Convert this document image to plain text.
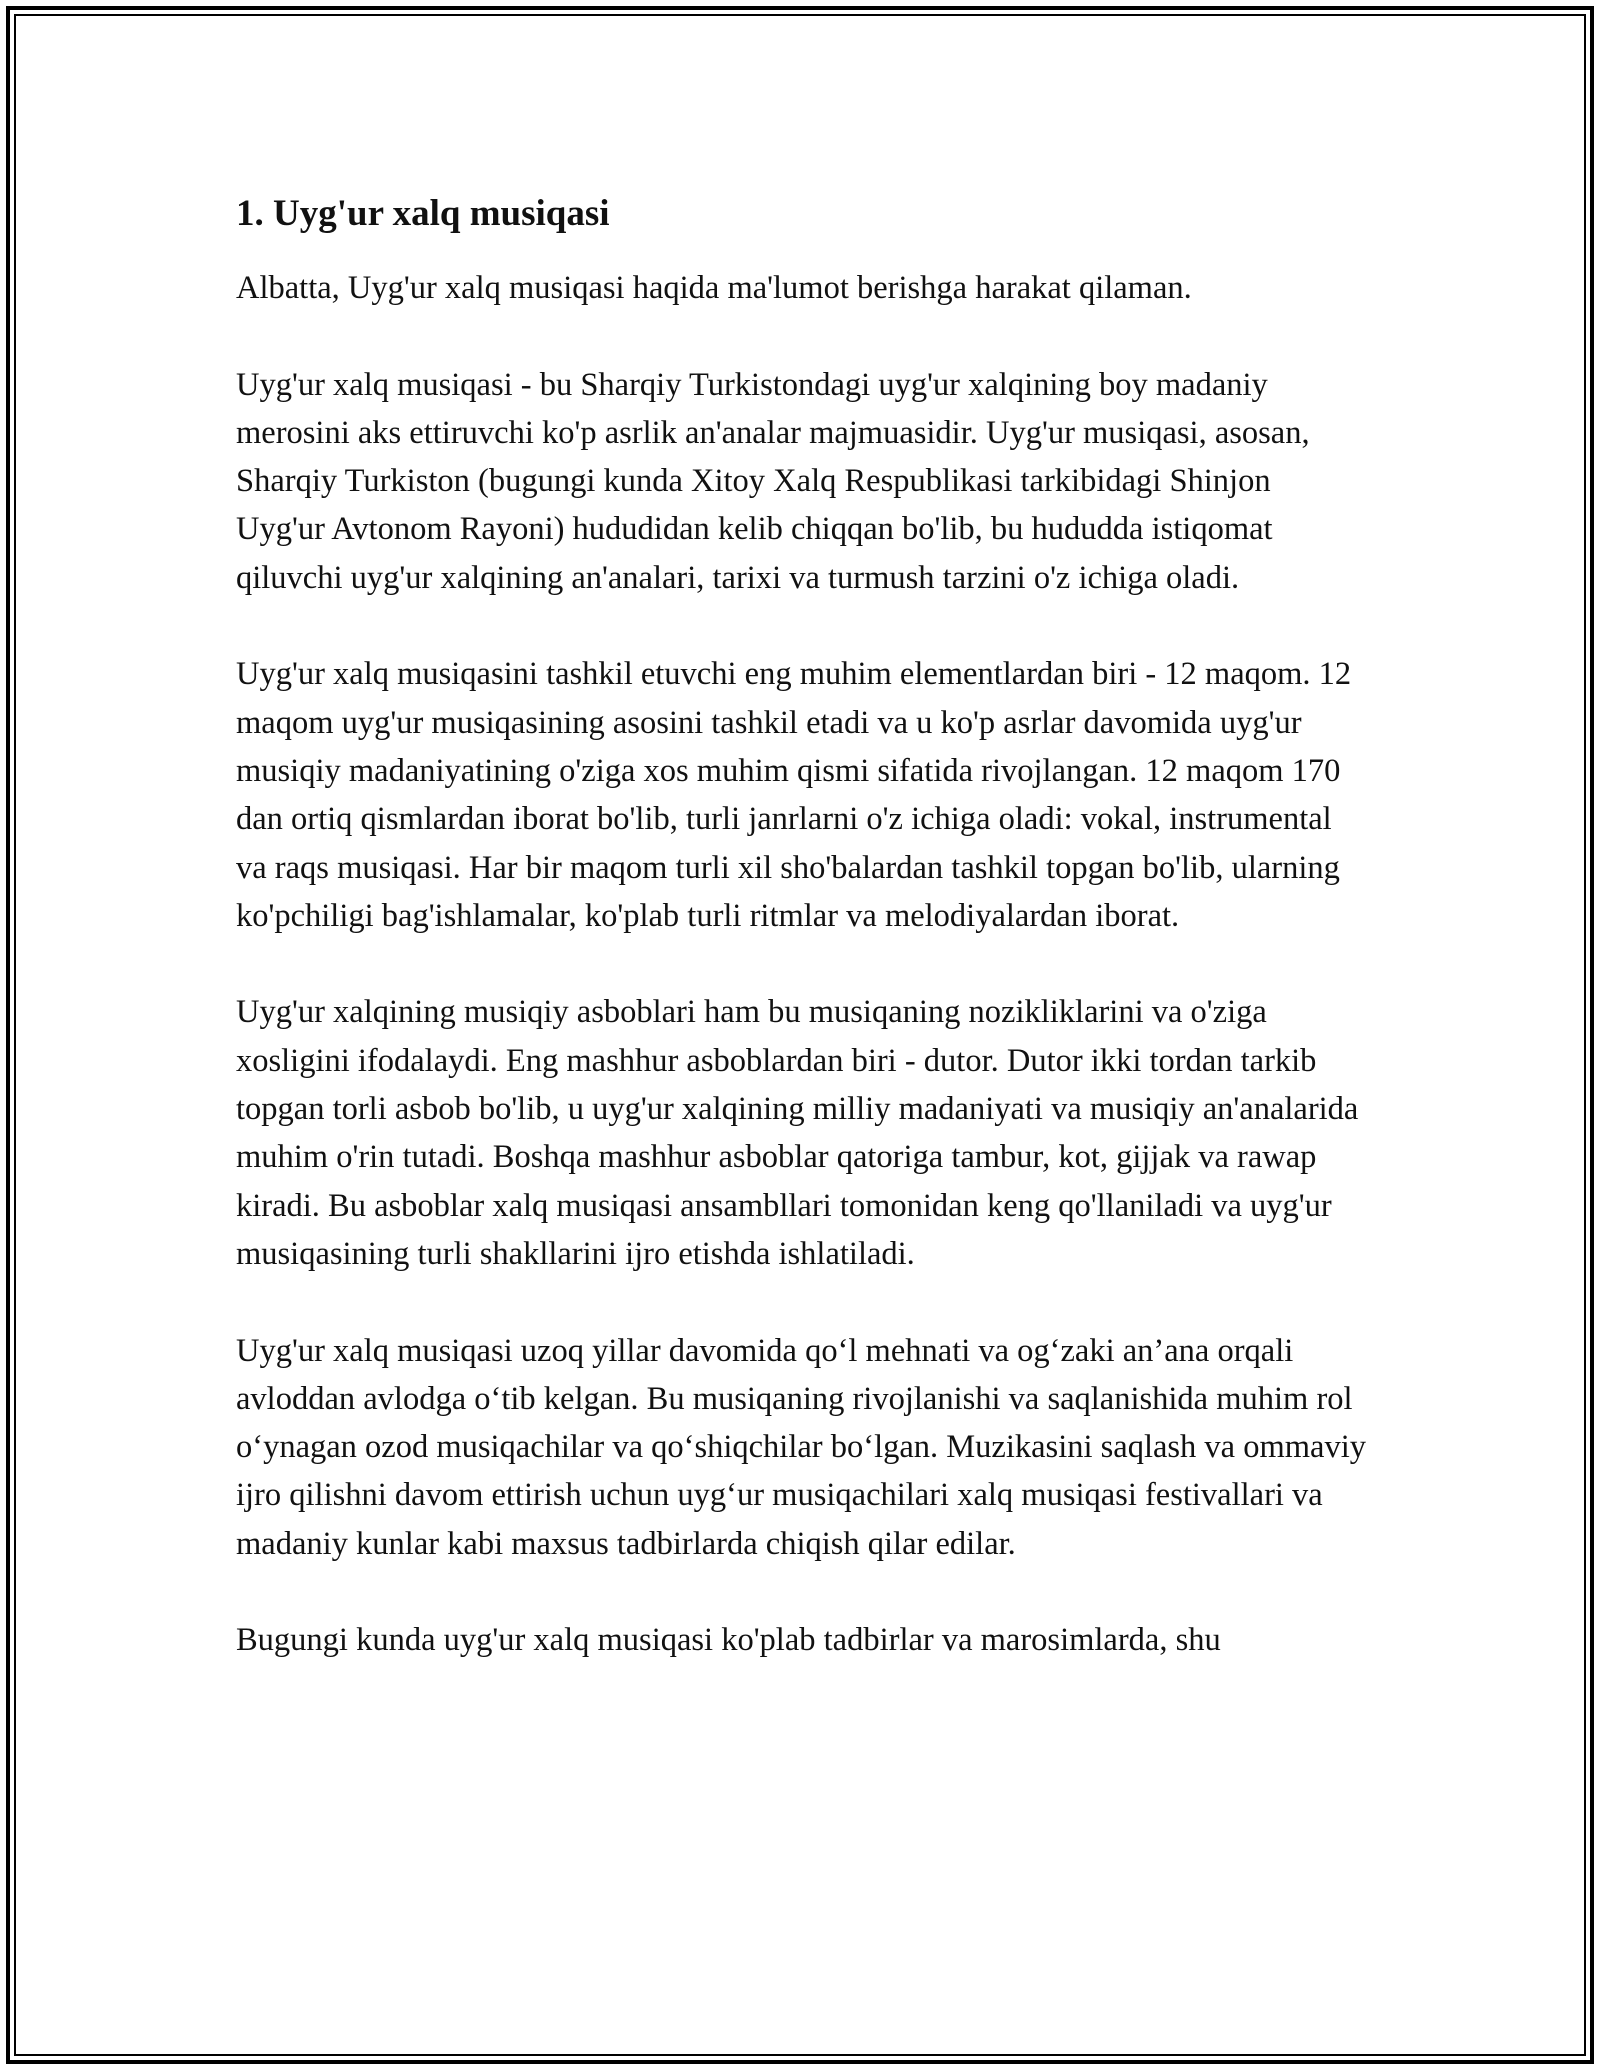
1. Uyg'ur xalq musiqasi

Albatta, Uyg'ur xalq musiqasi haqida ma'lumot berishga harakat qilaman.

Uyg'ur xalq musiqasi - bu Sharqiy Turkistondagi uyg'ur xalqining boy madaniy merosini aks ettiruvchi ko'p asrlik an'analar majmuasidir. Uyg'ur musiqasi, asosan, Sharqiy Turkiston (bugungi kunda Xitoy Xalq Respublikasi tarkibidagi Shinjon Uyg'ur Avtonom Rayoni) hududidan kelib chiqqan bo'lib, bu hududda istiqomat qiluvchi uyg'ur xalqining an'analari, tarixi va turmush tarzini o'z ichiga oladi.

Uyg'ur xalq musiqasini tashkil etuvchi eng muhim elementlardan biri - 12 maqom. 12 maqom uyg'ur musiqasining asosini tashkil etadi va u ko'p asrlar davomida uyg'ur musiqiy madaniyatining o'ziga xos muhim qismi sifatida rivojlangan. 12 maqom 170 dan ortiq qismlardan iborat bo'lib, turli janrlarni o'z ichiga oladi: vokal, instrumental va raqs musiqasi. Har bir maqom turli xil sho'balardan tashkil topgan bo'lib, ularning ko'pchiligi bag'ishlamalar, ko'plab turli ritmlar va melodiyalardan iborat.

Uyg'ur xalqining musiqiy asboblari ham bu musiqaning nozikliklarini va o'ziga xosligini ifodalaydi. Eng mashhur asboblardan biri - dutor. Dutor ikki tordan tarkib topgan torli asbob bo'lib, u uyg'ur xalqining milliy madaniyati va musiqiy an'analarida muhim o'rin tutadi. Boshqa mashhur asboblar qatoriga tambur, kot, gijjak va rawap kiradi. Bu asboblar xalq musiqasi ansambllari tomonidan keng qo'llaniladi va uyg'ur musiqasining turli shakllarini ijro etishda ishlatiladi.

Uyg'ur xalq musiqasi uzoq yillar davomida qo‘l mehnati va og‘zaki an’ana orqali avloddan avlodga o‘tib kelgan. Bu musiqaning rivojlanishi va saqlanishida muhim rol o‘ynagan ozod musiqachilar va qo‘shiqchilar bo‘lgan. Muzikasini saqlash va ommaviy ijro qilishni davom ettirish uchun uyg‘ur musiqachilari xalq musiqasi festivallari va madaniy kunlar kabi maxsus tadbirlarda chiqish qilar edilar.

Bugungi kunda uyg'ur xalq musiqasi ko'plab tadbirlar va marosimlarda, shu
